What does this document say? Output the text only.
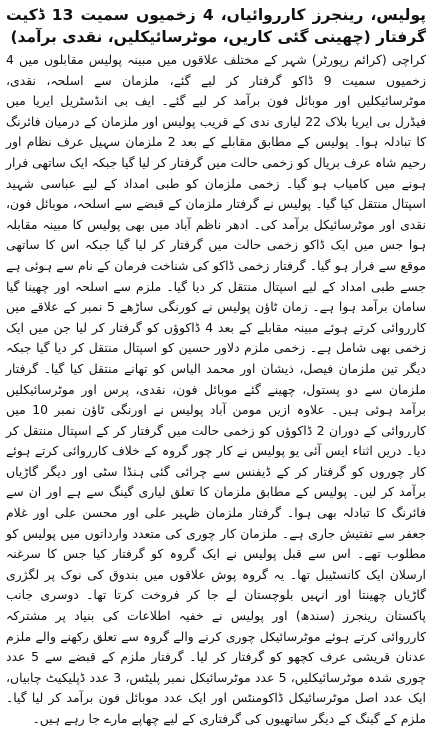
پولیس، رینجرز کارروائیاں، 4 زخمیوں سمیت 13 ڈکیت گرفتار (چھینی گئی کاریں، موٹرسائیکلیں، نقدی برآمد)

کراچی (کرائم رپورٹر) شہر کے مختلف علاقوں میں مبینہ پولیس مقابلوں میں 4 زخمیوں سمیت 9 ڈاکو گرفتار کر لیے گئے، ملزمان سے اسلحہ، نقدی، موٹرسائیکلیں اور موبائل فون برآمد کر لیے گئے۔ ایف بی انڈسٹریل ایریا میں فیڈرل بی ایریا بلاک 22 لیاری ندی کے قریب پولیس اور ملزمان کے درمیان فائرنگ کا تبادلہ ہوا۔ پولیس کے مطابق مقابلے کے بعد 2 ملزمان سہیل عرف نظام اور رحیم شاہ عرف بریال کو زخمی حالت میں گرفتار کر لیا گیا جبکہ ایک ساتھی فرار ہونے میں کامیاب ہو گیا۔ زخمی ملزمان کو طبی امداد کے لیے عباسی شہید اسپتال منتقل کیا گیا۔ پولیس نے گرفتار ملزمان کے قبضے سے اسلحہ، موبائل فون، نقدی اور موٹرسائیکل برآمد کی۔ ادھر ناظم آباد میں بھی پولیس کا مبینہ مقابلہ ہوا جس میں ایک ڈاکو زخمی حالت میں گرفتار کر لیا گیا جبکہ اس کا ساتھی موقع سے فرار ہو گیا۔ گرفتار زخمی ڈاکو کی شناخت فرمان کے نام سے ہوئی ہے جسے طبی امداد کے لیے اسپتال منتقل کر دیا گیا۔ ملزم سے اسلحہ اور چھینا گیا سامان برآمد ہوا ہے۔ زمان ٹاؤن پولیس نے کورنگی ساڑھے 5 نمبر کے علاقے میں کارروائی کرتے ہوئے مبینہ مقابلے کے بعد 4 ڈاکوؤں کو گرفتار کر لیا جن میں ایک زخمی بھی شامل ہے۔ زخمی ملزم دلاور حسین کو اسپتال منتقل کر دیا گیا جبکہ دیگر تین ملزمان فیصل، ذیشان اور محمد الیاس کو تھانے منتقل کیا گیا۔ گرفتار ملزمان سے دو پستول، چھینے گئے موبائل فون، نقدی، پرس اور موٹرسائیکلیں برآمد ہوئی ہیں۔ علاوہ ازیں مومن آباد پولیس نے اورنگی ٹاؤن نمبر 10 میں کارروائی کے دوران 2 ڈاکوؤں کو زخمی حالت میں گرفتار کر کے اسپتال منتقل کر دیا۔ دریں اثناء ایس آئی یو پولیس نے کار چور گروہ کے خلاف کارروائی کرتے ہوئے کار چوروں کو گرفتار کر کے ڈیفنس سے چرائی گئی ہنڈا سٹی اور دیگر گاڑیاں برآمد کر لیں۔ پولیس کے مطابق ملزمان کا تعلق لیاری گینگ سے ہے اور ان سے فائرنگ کا تبادلہ بھی ہوا۔ گرفتار ملزمان ظہیر علی اور محسن علی اور غلام جعفر سے تفتیش جاری ہے۔ ملزمان کار چوری کی متعدد وارداتوں میں پولیس کو مطلوب تھے۔ اس سے قبل پولیس نے ایک گروہ کو گرفتار کیا جس کا سرغنہ ارسلان ایک کانسٹیبل تھا۔ یہ گروہ پوش علاقوں میں بندوق کی نوک پر لگژری گاڑیاں چھینتا اور انہیں بلوچستان لے جا کر فروخت کرتا تھا۔ دوسری جانب پاکستان رینجرز (سندھ) اور پولیس نے خفیہ اطلاعات کی بنیاد پر مشترکہ کارروائی کرتے ہوئے موٹرسائیکل چوری کرنے والے گروہ سے تعلق رکھنے والے ملزم عدنان قریشی عرف کچھو کو گرفتار کر لیا۔ گرفتار ملزم کے قبضے سے 5 عدد چوری شدہ موٹرسائیکلیں، 5 عدد موٹرسائیکل نمبر پلیٹس، 3 عدد ڈپلیکیٹ چابیاں، ایک عدد اصل موٹرسائیکل ڈاکومنٹس اور ایک عدد موبائل فون برآمد کر لیا گیا۔ ملزم کے گینگ کے دیگر ساتھیوں کی گرفتاری کے لیے چھاپے مارے جا رہے ہیں۔
